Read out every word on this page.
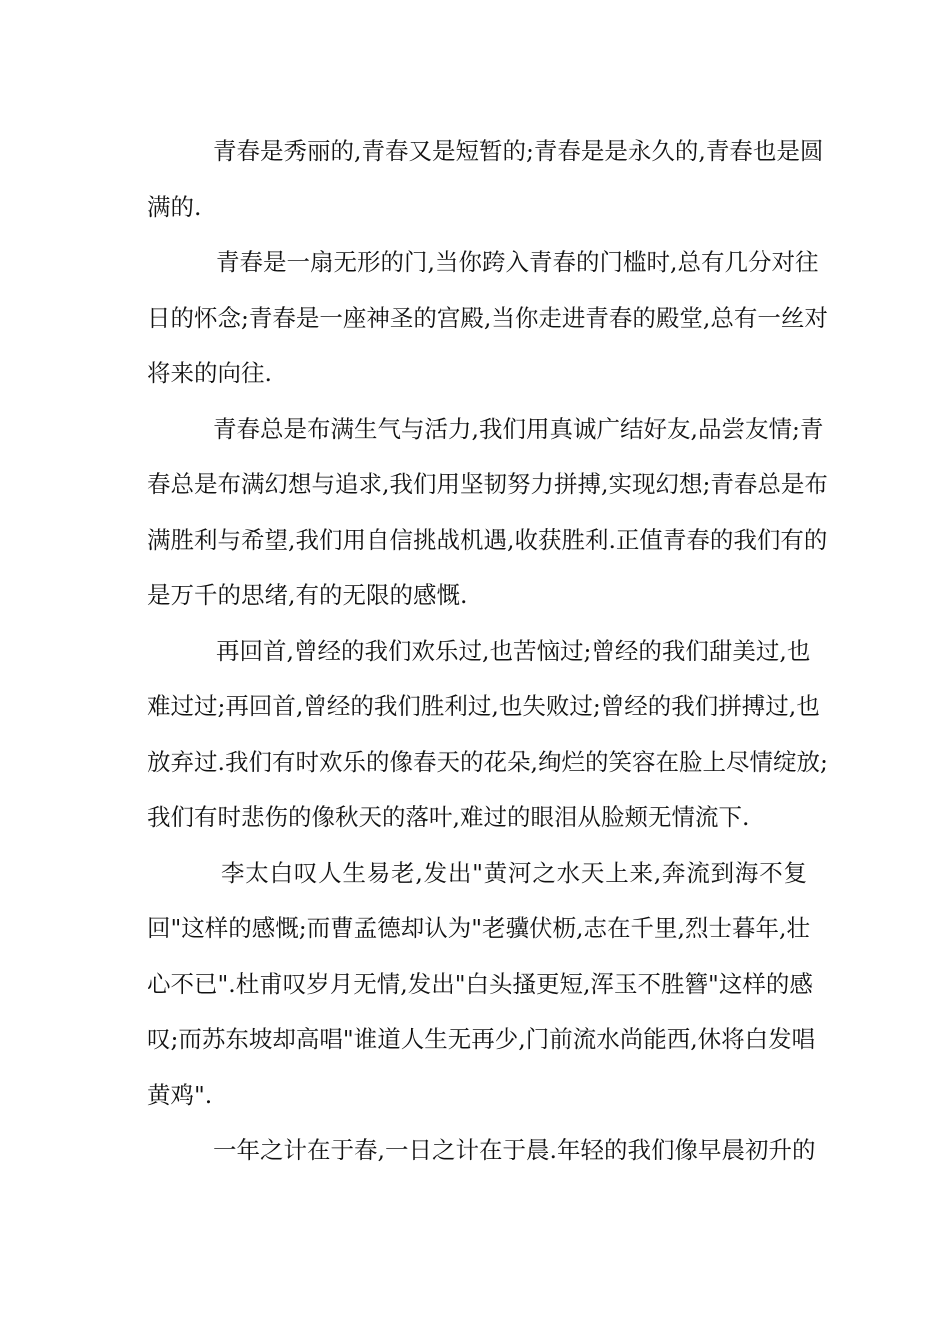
青春是秀丽的,青春又是短暂的;青春是是永久的,青春也是圆
满的.
青春是一扇无形的门,当你跨入青春的门槛时,总有几分对往
日的怀念;青春是一座神圣的宫殿,当你走进青春的殿堂,总有一丝对
将来的向往.
青春总是布满生气与活力,我们用真诚广结好友,品尝友情;青
春总是布满幻想与追求,我们用坚韧努力拼搏,实现幻想;青春总是布
满胜利与希望,我们用自信挑战机遇,收获胜利.正值青春的我们有的
是万千的思绪,有的无限的感慨.
再回首,曾经的我们欢乐过,也苦恼过;曾经的我们甜美过,也
难过过;再回首,曾经的我们胜利过,也失败过;曾经的我们拼搏过,也
放弃过.我们有时欢乐的像春天的花朵,绚烂的笑容在脸上尽情绽放;
我们有时悲伤的像秋天的落叶,难过的眼泪从脸颊无情流下.
李太白叹人生易老,发出"黄河之水天上来,奔流到海不复
回"这样的感慨;而曹孟德却认为"老骥伏枥,志在千里,烈士暮年,壮
心不已".杜甫叹岁月无情,发出"白头搔更短,浑玉不胜簪"这样的感
叹;而苏东坡却高唱"谁道人生无再少,门前流水尚能西,休将白发唱
黄鸡".
一年之计在于春,一日之计在于晨.年轻的我们像早晨初升的
